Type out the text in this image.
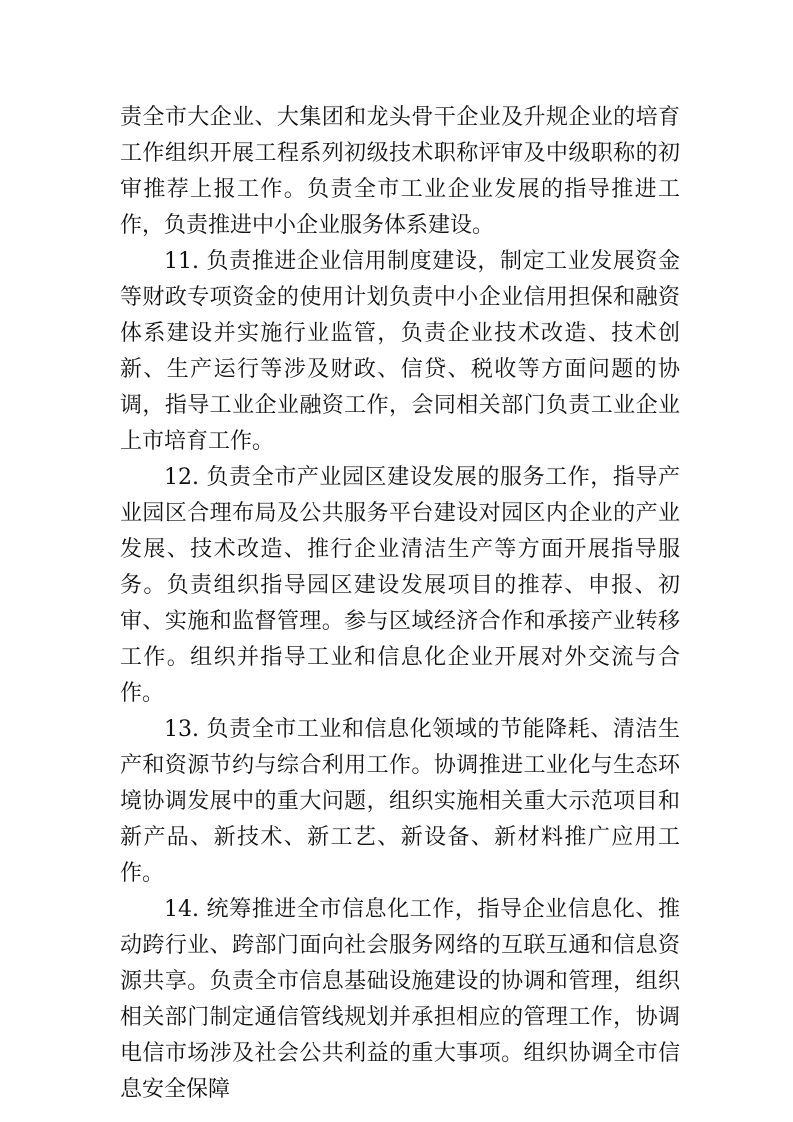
责全市大企业、大集团和龙头骨干企业及升规企业的培育工作组织开展工程系列初级技术职称评审及中级职称的初审推荐上报工作。负责全市工业企业发展的指导推进工作，负责推进中小企业服务体系建设。

11. 负责推进企业信用制度建设，制定工业发展资金等财政专项资金的使用计划负责中小企业信用担保和融资体系建设并实施行业监管，负责企业技术改造、技术创新、生产运行等涉及财政、信贷、税收等方面问题的协调，指导工业企业融资工作，会同相关部门负责工业企业上市培育工作。

12. 负责全市产业园区建设发展的服务工作，指导产业园区合理布局及公共服务平台建设对园区内企业的产业发展、技术改造、推行企业清洁生产等方面开展指导服务。负责组织指导园区建设发展项目的推荐、申报、初审、实施和监督管理。参与区域经济合作和承接产业转移工作。组织并指导工业和信息化企业开展对外交流与合作。

13. 负责全市工业和信息化领域的节能降耗、清洁生产和资源节约与综合利用工作。协调推进工业化与生态环境协调发展中的重大问题，组织实施相关重大示范项目和新产品、新技术、新工艺、新设备、新材料推广应用工作。

14. 统筹推进全市信息化工作，指导企业信息化、推动跨行业、跨部门面向社会服务网络的互联互通和信息资源共享。负责全市信息基础设施建设的协调和管理，组织相关部门制定通信管线规划并承担相应的管理工作，协调电信市场涉及社会公共利益的重大事项。组织协调全市信息安全保障
